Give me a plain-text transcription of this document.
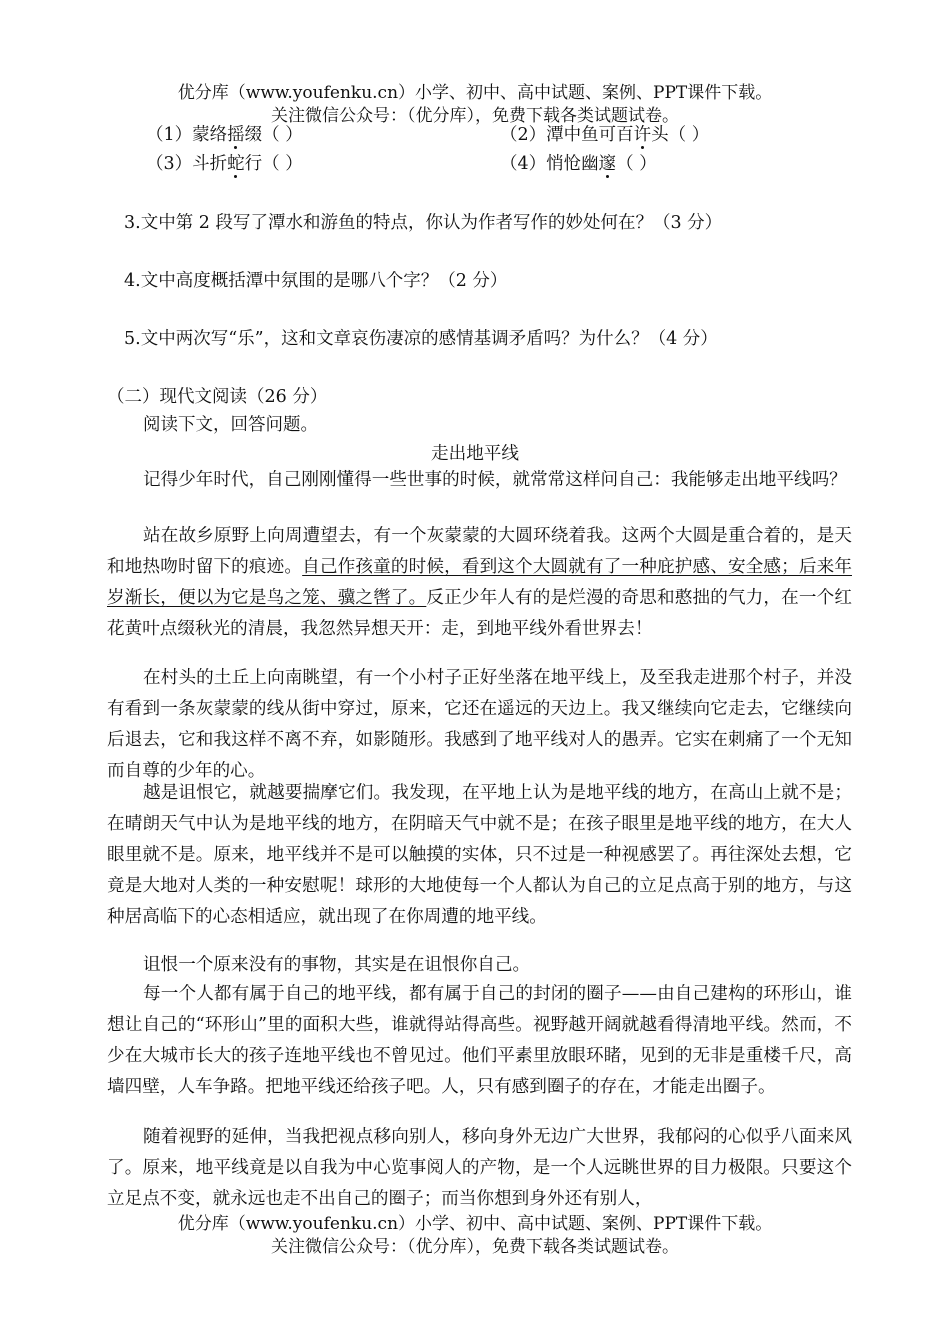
优分库（www.youfenku.cn）小学、初中、高中试题、案例、PPT课件下载。
关注微信公众号：（优分库），免费下载各类试题试卷。
（1）蒙络摇缀（ ）	（2）潭中鱼可百许头（ ）
（3）斗折蛇行（ ）	（4）悄怆幽邃（ ）
3.文中第 2 段写了潭水和游鱼的特点，你认为作者写作的妙处何在？（3 分）
4.文中高度概括潭中氛围的是哪八个字？（2 分）
5.文中两次写“乐”，这和文章哀伤凄凉的感情基调矛盾吗？为什么？（4 分）
（二）现代文阅读（26 分）
阅读下文，回答问题。
走出地平线
记得少年时代，自己刚刚懂得一些世事的时候，就常常这样问自己：我能够走出地平线吗？
站在故乡原野上向周遭望去，有一个灰蒙蒙的大圆环绕着我。这两个大圆是重合着的，是天和地热吻时留下的痕迹。自己作孩童的时候，看到这个大圆就有了一种庇护感、安全感；后来年岁渐长，便以为它是鸟之笼、骥之辔了。反正少年人有的是烂漫的奇思和憨拙的气力，在一个红花黄叶点缀秋光的清晨，我忽然异想天开：走，到地平线外看世界去！
在村头的土丘上向南眺望，有一个小村子正好坐落在地平线上，及至我走进那个村子，并没有看到一条灰蒙蒙的线从街中穿过，原来，它还在遥远的天边上。我又继续向它走去，它继续向后退去，它和我这样不离不弃，如影随形。我感到了地平线对人的愚弄。它实在刺痛了一个无知而自尊的少年的心。
越是诅恨它，就越要揣摩它们。我发现，在平地上认为是地平线的地方，在高山上就不是；在晴朗天气中认为是地平线的地方，在阴暗天气中就不是；在孩子眼里是地平线的地方，在大人眼里就不是。原来，地平线并不是可以触摸的实体，只不过是一种视感罢了。再往深处去想，它竟是大地对人类的一种安慰呢！球形的大地使每一个人都认为自己的立足点高于别的地方，与这种居高临下的心态相适应，就出现了在你周遭的地平线。
诅恨一个原来没有的事物，其实是在诅恨你自己。
每一个人都有属于自己的地平线，都有属于自己的封闭的圈子——由自己建构的环形山，谁想让自己的“环形山”里的面积大些，谁就得站得高些。视野越开阔就越看得清地平线。然而，不少在大城市长大的孩子连地平线也不曾见过。他们平素里放眼环睹，见到的无非是重楼千尺，高墙四壁，人车争路。把地平线还给孩子吧。人，只有感到圈子的存在，才能走出圈子。
随着视野的延伸，当我把视点移向别人，移向身外无边广大世界，我郁闷的心似乎八面来风了。原来，地平线竟是以自我为中心览事阅人的产物，是一个人远眺世界的目力极限。只要这个立足点不变，就永远也走不出自己的圈子；而当你想到身外还有别人，
优分库（www.youfenku.cn）小学、初中、高中试题、案例、PPT课件下载。
关注微信公众号：（优分库），免费下载各类试题试卷。
